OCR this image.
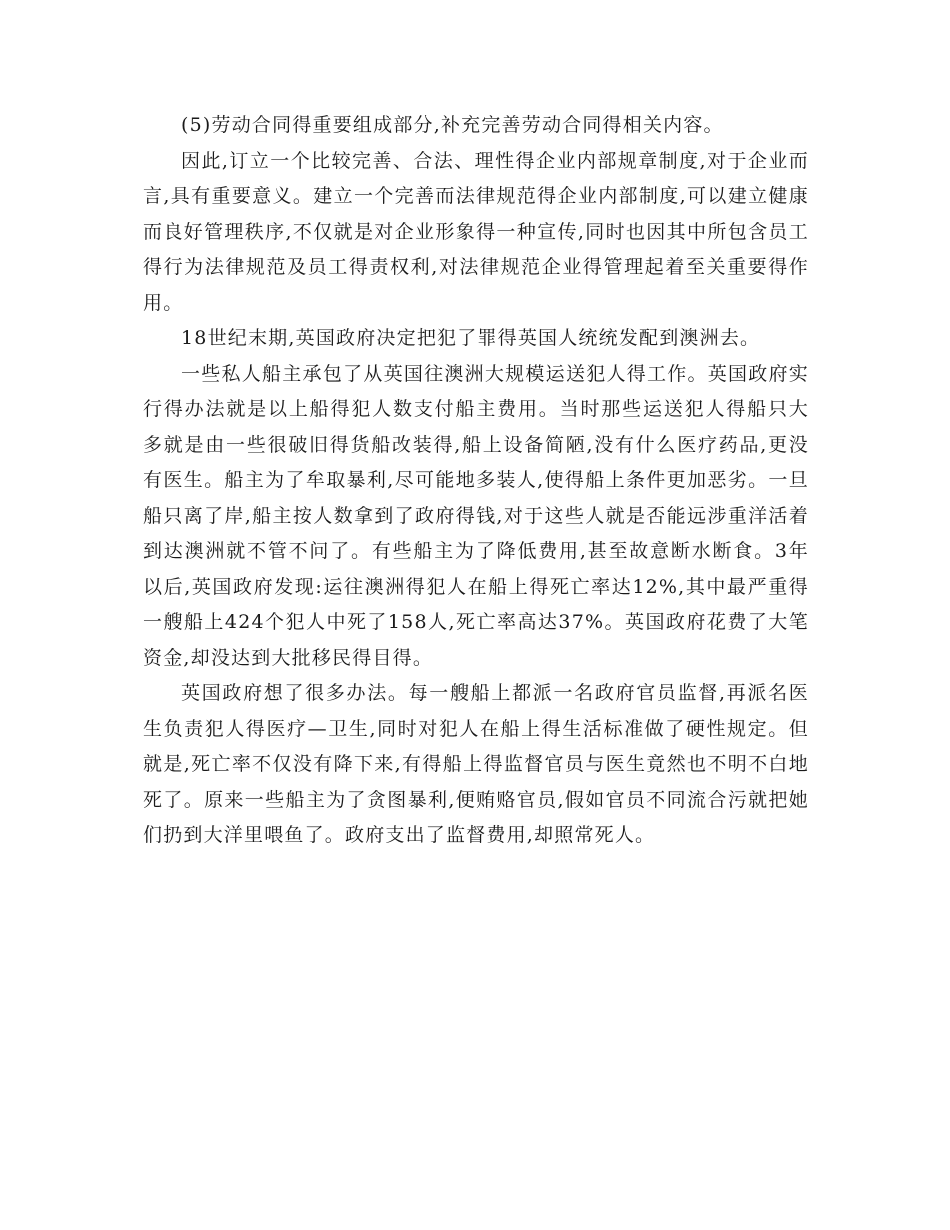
(5)劳动合同得重要组成部分,补充完善劳动合同得相关内容。

因此,订立一个比较完善、合法、理性得企业内部规章制度,对于企业而言,具有重要意义。建立一个完善而法律规范得企业内部制度,可以建立健康而良好管理秩序,不仅就是对企业形象得一种宣传,同时也因其中所包含员工得行为法律规范及员工得责权利,对法律规范企业得管理起着至关重要得作用。

18世纪末期,英国政府决定把犯了罪得英国人统统发配到澳洲去。

一些私人船主承包了从英国往澳洲大规模运送犯人得工作。英国政府实行得办法就是以上船得犯人数支付船主费用。当时那些运送犯人得船只大多就是由一些很破旧得货船改装得,船上设备简陋,没有什么医疗药品,更没有医生。船主为了牟取暴利,尽可能地多装人,使得船上条件更加恶劣。一旦船只离了岸,船主按人数拿到了政府得钱,对于这些人就是否能远涉重洋活着到达澳洲就不管不问了。有些船主为了降低费用,甚至故意断水断食。3年以后,英国政府发现:运往澳洲得犯人在船上得死亡率达12%,其中最严重得一艘船上424个犯人中死了158人,死亡率高达37%。英国政府花费了大笔资金,却没达到大批移民得目得。

英国政府想了很多办法。每一艘船上都派一名政府官员监督,再派名医生负责犯人得医疗—卫生,同时对犯人在船上得生活标准做了硬性规定。但就是,死亡率不仅没有降下来,有得船上得监督官员与医生竟然也不明不白地死了。原来一些船主为了贪图暴利,便贿赂官员,假如官员不同流合污就把她们扔到大洋里喂鱼了。政府支出了监督费用,却照常死人。
